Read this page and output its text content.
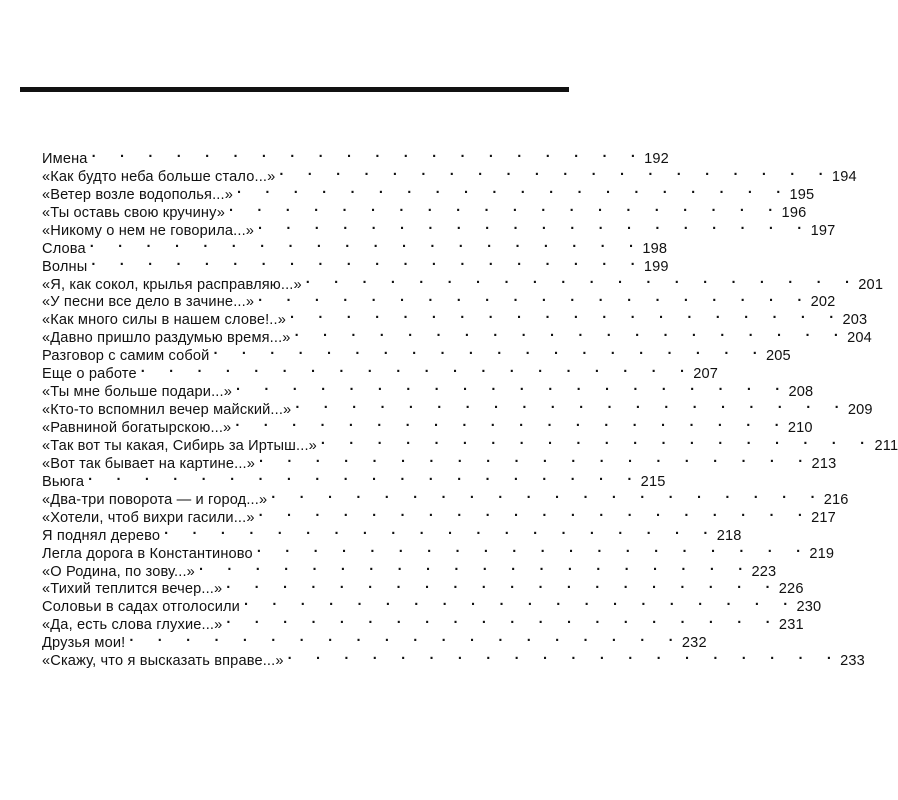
Имена .	192
«Как будто неба больше стало...» .	194
«Ветер возле водополья...» .	195
«Ты оставь свою кручину» .	196
«Никому о нем не говорила...» .	197
Слова .	198
Волны .	199
«Я, как сокол, крылья расправляю...» .	201
«У песни все дело в зачине...» .	202
«Как много силы в нашем слове!..» .	203
«Давно пришло раздумью время...» .	204
Разговор с самим собой .	205
Еще о работе .	207
«Ты мне больше подари...» .	208
«Кто-то вспомнил вечер майский...» .	209
«Равниной богатырскою...» .	210
«Так вот ты какая, Сибирь за Иртыш...» .	211
«Вот так бывает на картине...» .	213
Вьюга .	215
«Два-три поворота — и город...» .	216
«Хотели, чтоб вихри гасили...» .	217
Я поднял дерево .	218
Легла дорога в Константиново .	219
«О Родина, по зову...» .	223
«Тихий теплится вечер...» .	226
Соловьи в садах отголосили .	230
«Да, есть слова глухие...» .	231
Друзья мои! .	232
«Скажу, что я высказать вправе...» .	233
